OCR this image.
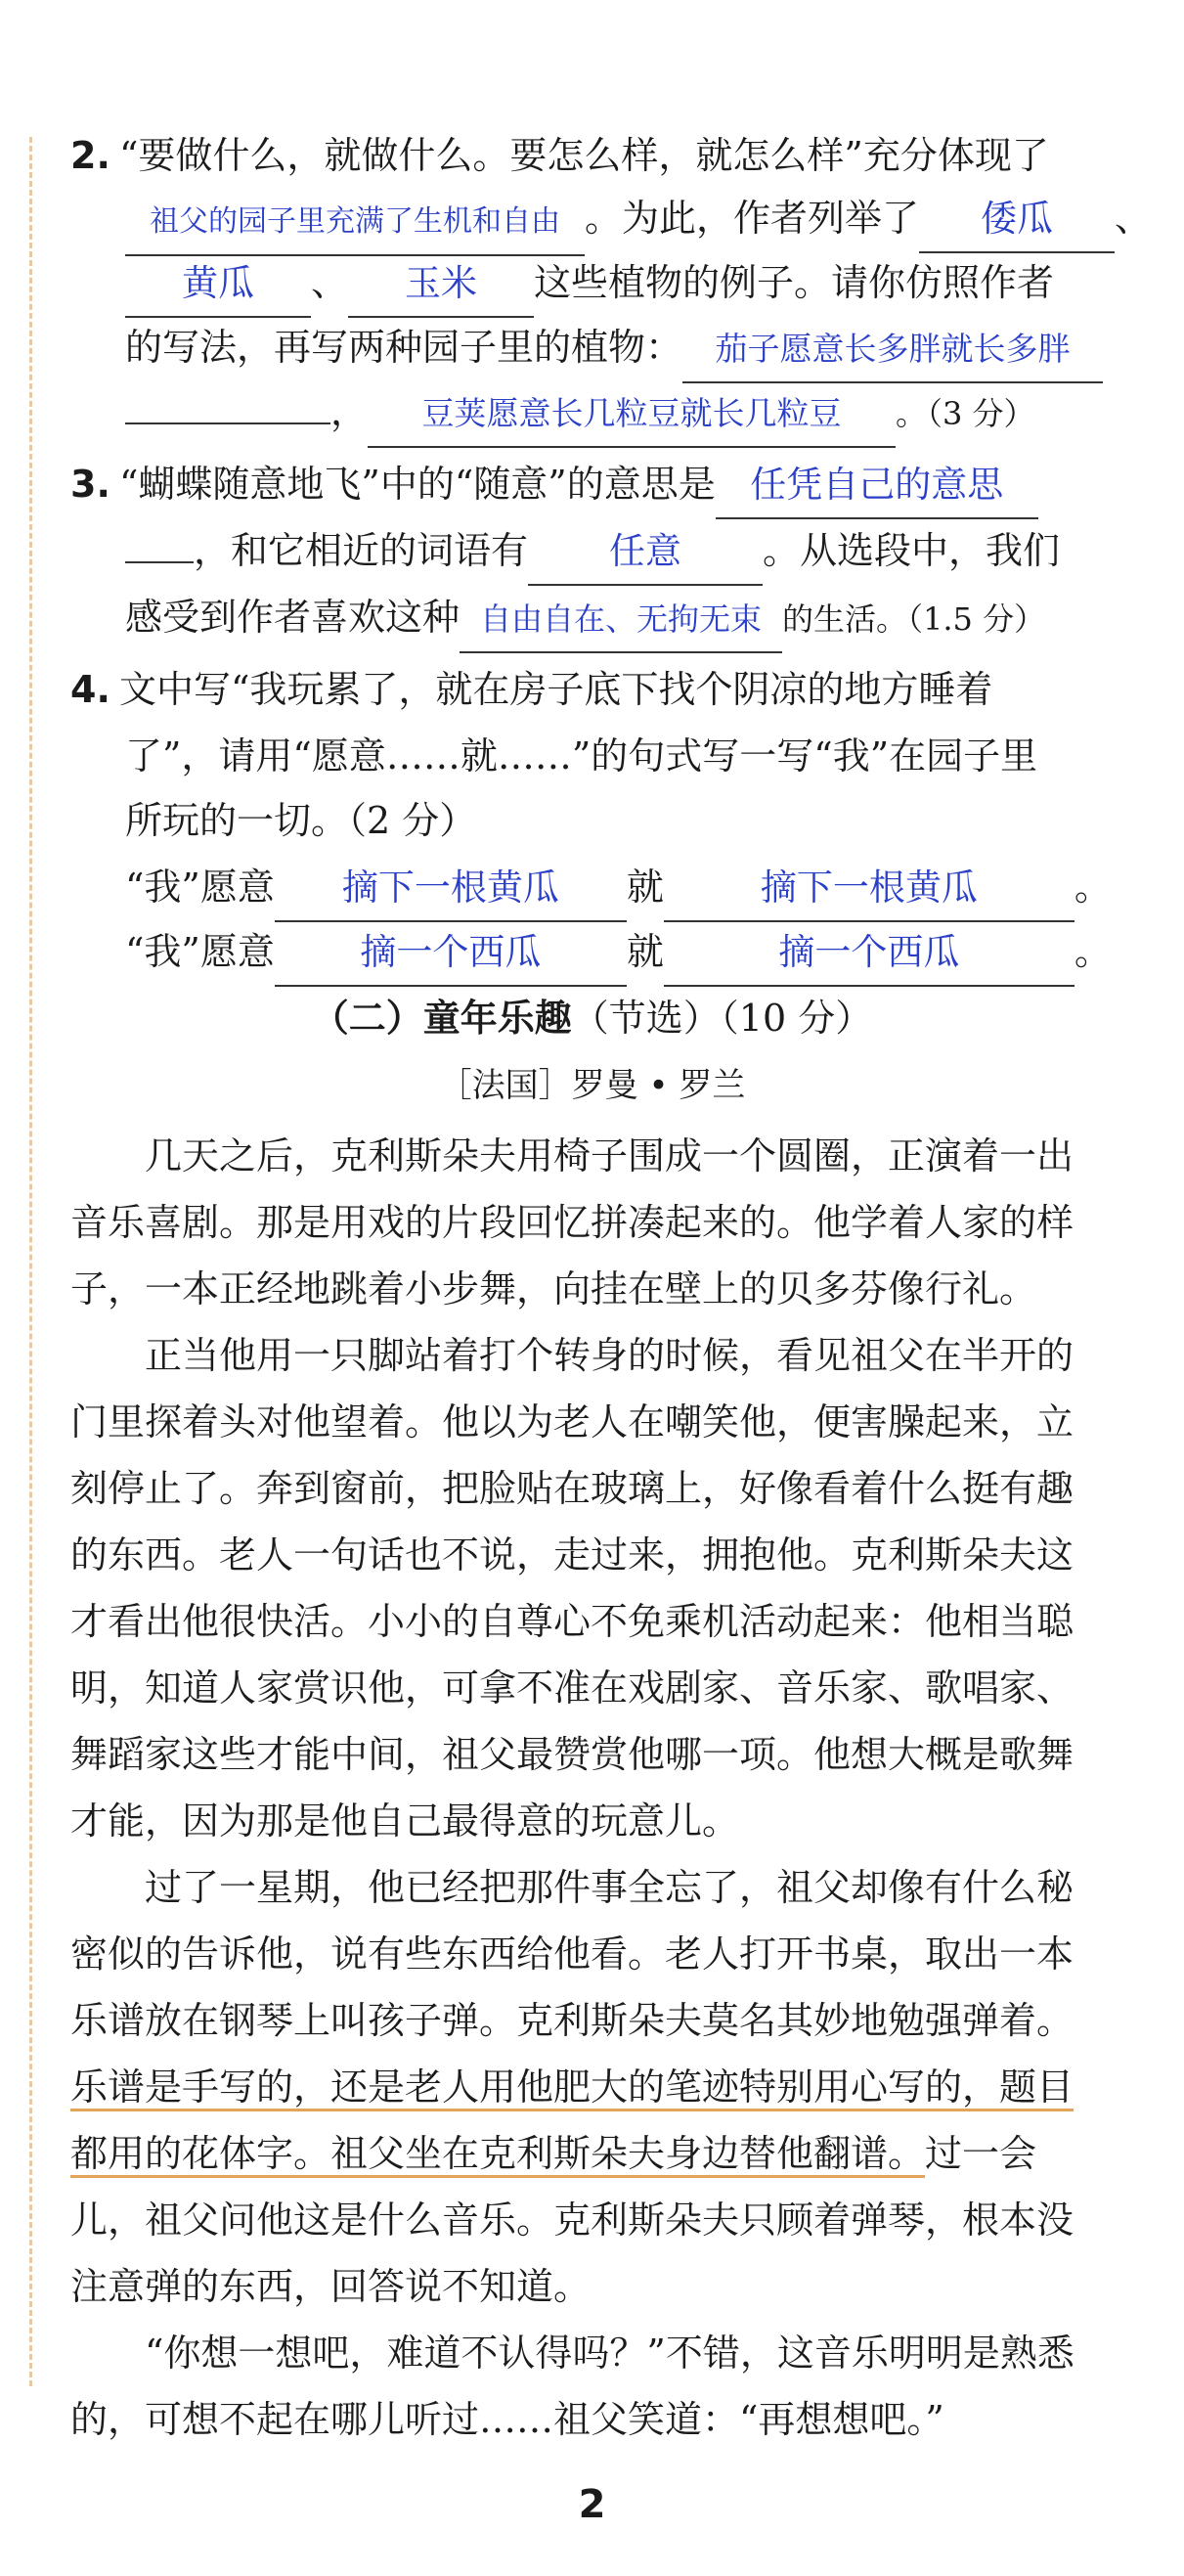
2. “要做什么，就做什么。要怎么样，就怎么样”充分体现了
祖父的园子里充满了生机和自由 。为此，作者列举了 倭瓜 、
黄瓜 、 玉米 这些植物的例子。请你仿照作者
的写法，再写两种园子里的植物： 茄子愿意长多胖就长多胖
， 豆荚愿意长几粒豆就长几粒豆 。（3 分）
3. “蝴蝶随意地飞”中的“随意”的意思是 任凭自己的意思
，和它相近的词语有 任意 。从选段中，我们
感受到作者喜欢这种 自由自在、无拘无束 的生活。（1.5 分）
4. 文中写“我玩累了，就在房子底下找个阴凉的地方睡着
了”，请用“愿意……就……”的句式写一写“我”在园子里
所玩的一切。（2 分）
“我”愿意 摘下一根黄瓜 就	摘下一根黄瓜	。
“我”愿意 摘一个西瓜 就	摘一个西瓜	。
（二）童年乐趣（节选）（10 分）
［法国］罗曼 • 罗兰
几天之后，克利斯朵夫用椅子围成一个圆圈，正演着一出音乐喜剧。那是用戏的片段回忆拼凑起来的。他学着人家的样子，一本正经地跳着小步舞，向挂在壁上的贝多芬像行礼。
正当他用一只脚站着打个转身的时候，看见祖父在半开的门里探着头对他望着。他以为老人在嘲笑他，便害臊起来，立刻停止了。奔到窗前，把脸贴在玻璃上，好像看着什么挺有趣的东西。老人一句话也不说，走过来，拥抱他。克利斯朵夫这才看出他很快活。小小的自尊心不免乘机活动起来：他相当聪明，知道人家赏识他，可拿不准在戏剧家、音乐家、歌唱家、舞蹈家这些才能中间，祖父最赞赏他哪一项。他想大概是歌舞才能，因为那是他自己最得意的玩意儿。
过了一星期，他已经把那件事全忘了，祖父却像有什么秘密似的告诉他，说有些东西给他看。老人打开书桌，取出一本乐谱放在钢琴上叫孩子弹。克利斯朵夫莫名其妙地勉强弹着。乐谱是手写的，还是老人用他肥大的笔迹特别用心写的，题目都用的花体字。祖父坐在克利斯朵夫身边替他翻谱。过一会儿，祖父问他这是什么音乐。克利斯朵夫只顾着弹琴，根本没注意弹的东西，回答说不知道。
“你想一想吧，难道不认得吗？”不错，这音乐明明是熟悉的，可想不起在哪儿听过……祖父笑道：“再想想吧。”
2
